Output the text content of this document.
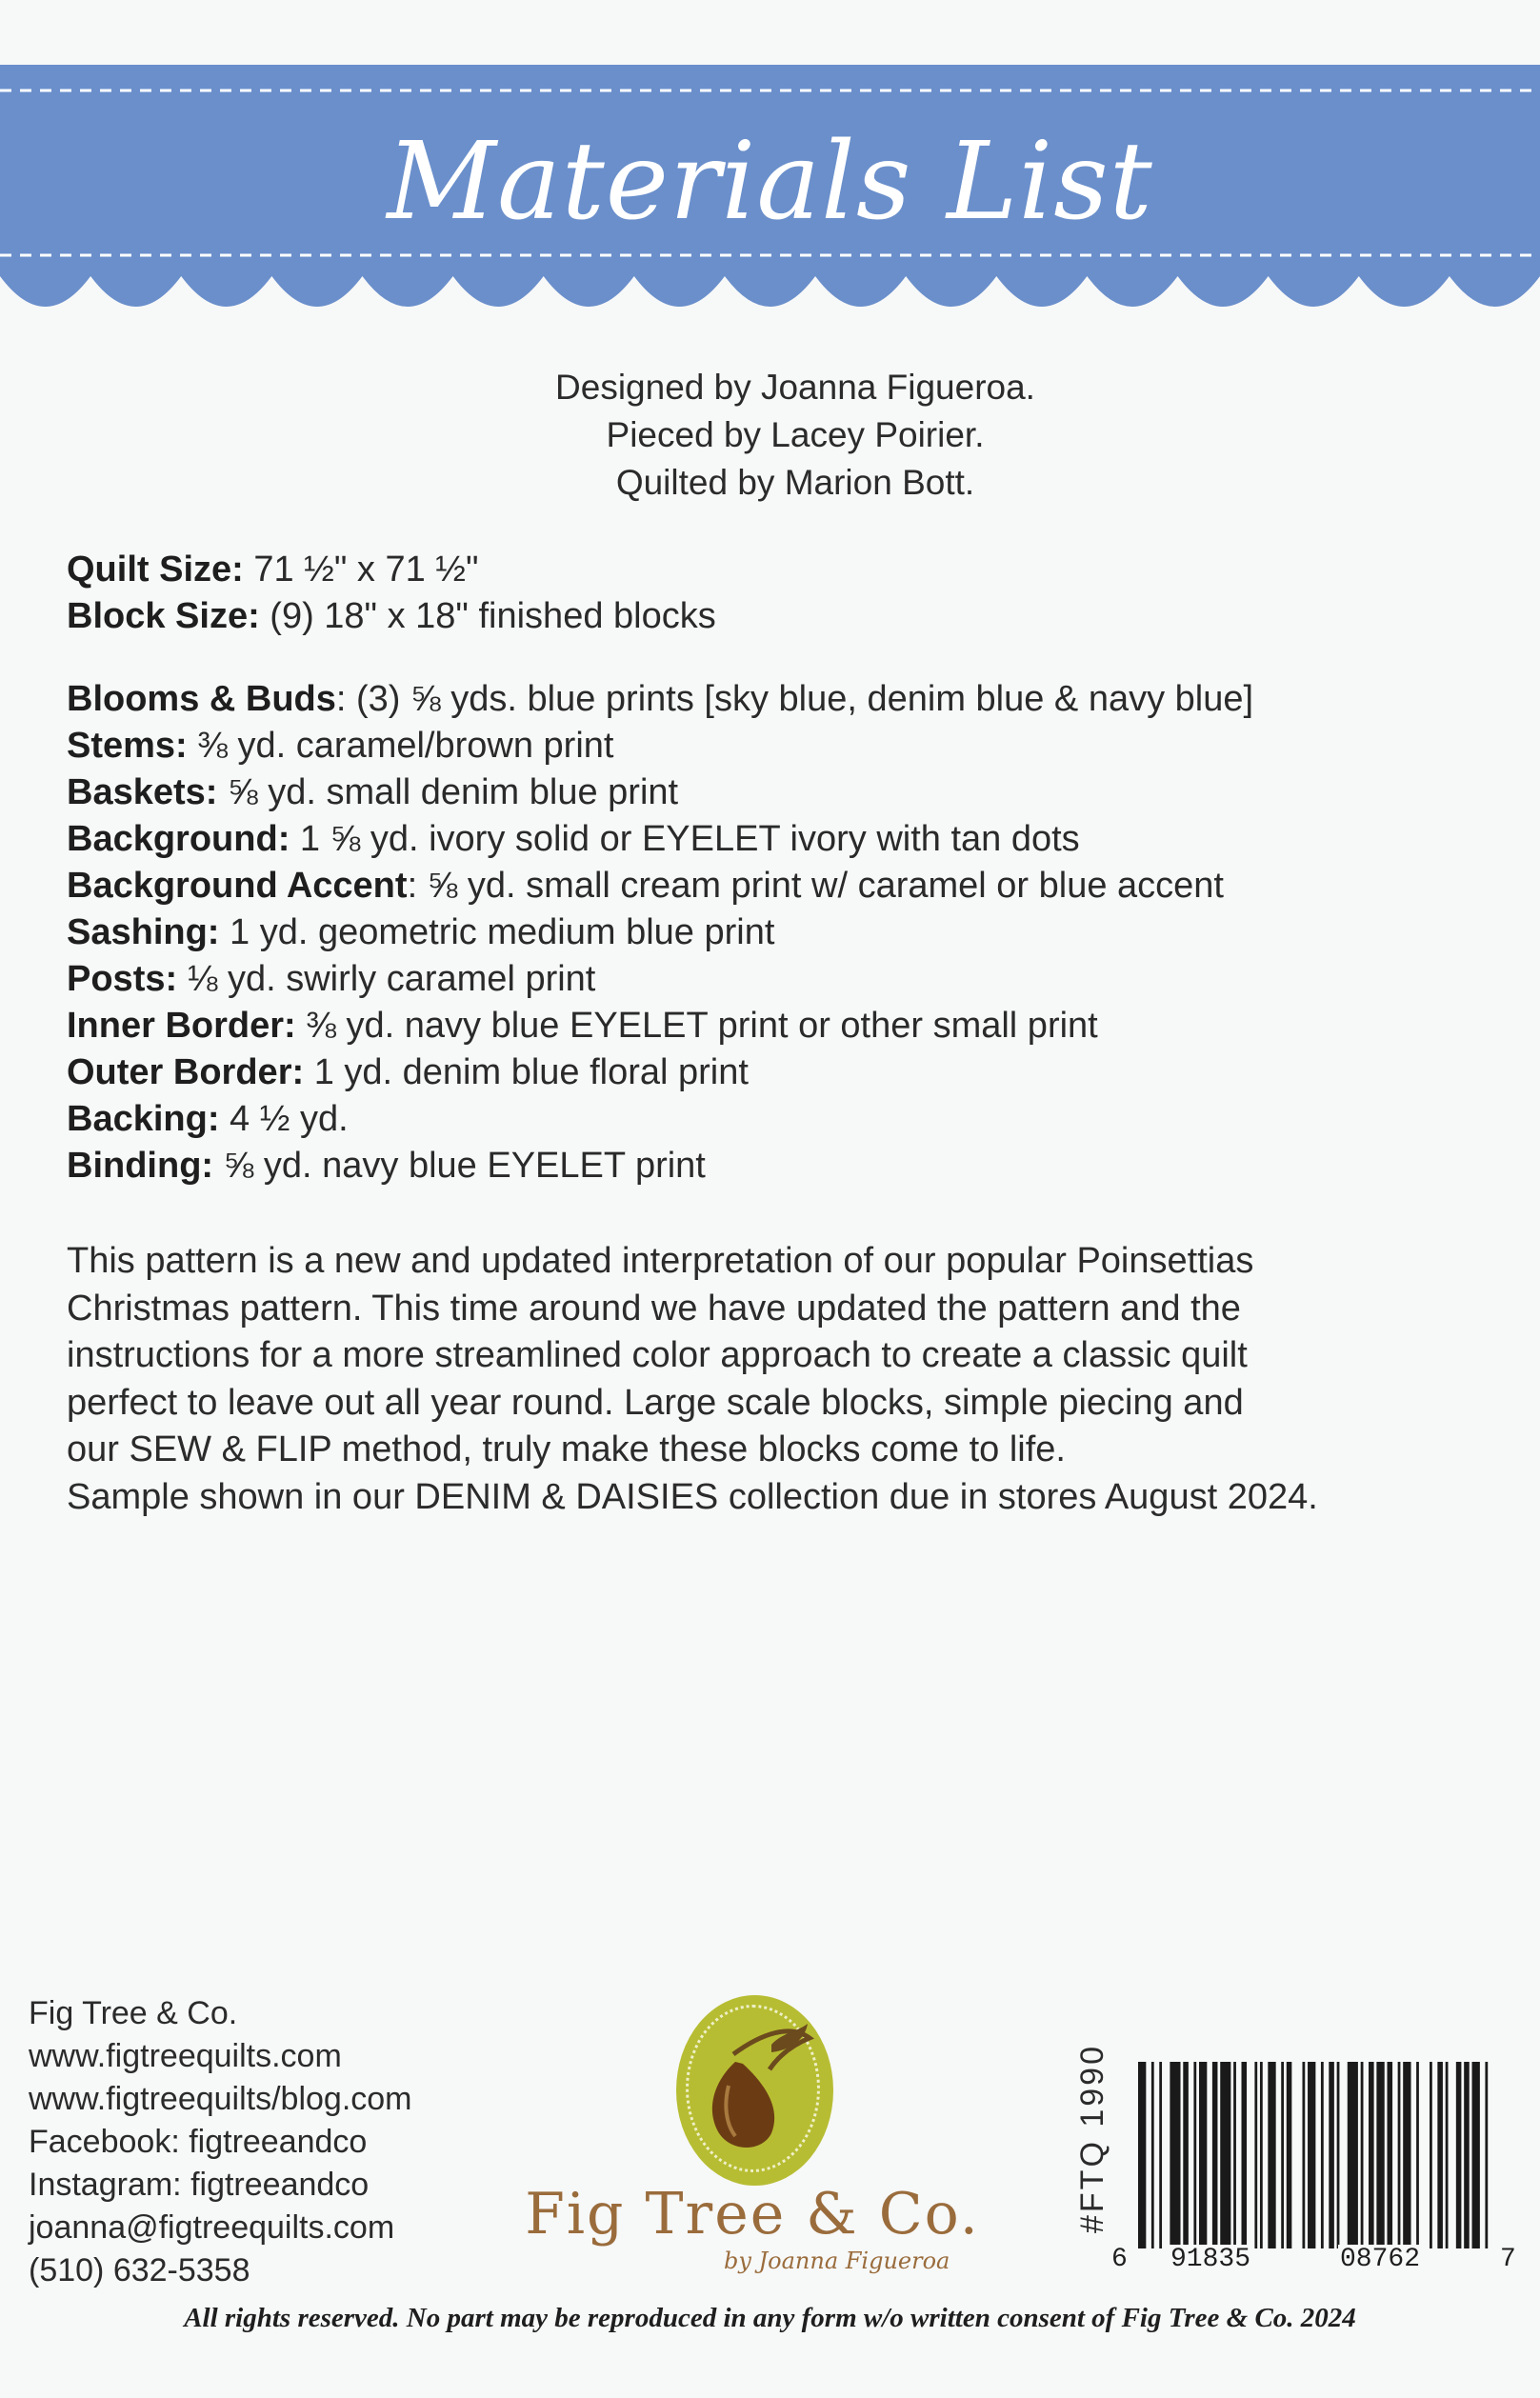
Materials List
Designed by Joanna Figueroa.
Pieced by Lacey Poirier.
Quilted by Marion Bott.
Quilt Size: 71 ½" x 71 ½"
Block Size: (9) 18" x 18" finished blocks
Blooms & Buds: (3) ⅝ yds. blue prints [sky blue, denim blue & navy blue]
Stems: ⅜ yd. caramel/brown print
Baskets: ⅝ yd. small denim blue print
Background: 1 ⅝ yd. ivory solid or EYELET ivory with tan dots
Background Accent: ⅝ yd. small cream print w/ caramel or blue accent
Sashing: 1 yd. geometric medium blue print
Posts: ⅛ yd. swirly caramel print
Inner Border: ⅜ yd. navy blue EYELET print or other small print
Outer Border: 1 yd. denim blue floral print
Backing: 4 ½ yd.
Binding: ⅝ yd. navy blue EYELET print
This pattern is a new and updated interpretation of our popular Poinsettias
Christmas pattern. This time around we have updated the pattern and the
instructions for a more streamlined color approach to create a classic quilt
perfect to leave out all year round. Large scale blocks, simple piecing and
our SEW & FLIP method, truly make these blocks come to life.
Sample shown in our DENIM & DAISIES collection due in stores August 2024.
Fig Tree & Co.
www.figtreequilts.com
www.figtreequilts/blog.com
Facebook: figtreeandco
Instagram: figtreeandco
joanna@figtreequilts.com
(510) 632-5358
Fig Tree & Co.
by Joanna Figueroa
#FTQ 1990
6 91835	08762	7
All rights reserved. No part may be reproduced in any form w/o written consent of Fig Tree & Co. 2024
